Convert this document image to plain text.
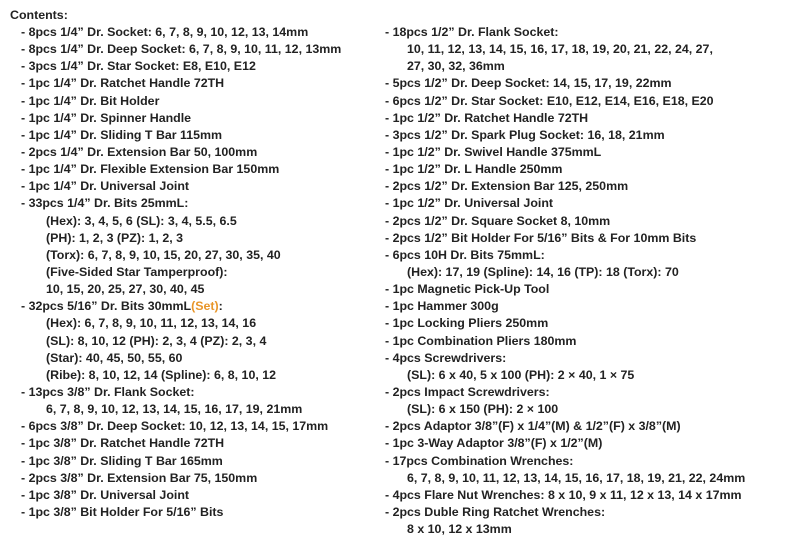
Contents:
- 8pcs 1/4” Dr. Socket: 6, 7, 8, 9, 10, 12, 13, 14mm
- 8pcs 1/4” Dr. Deep Socket: 6, 7, 8, 9, 10, 11, 12, 13mm
- 3pcs 1/4” Dr. Star Socket: E8, E10, E12
- 1pc 1/4” Dr. Ratchet Handle 72TH
- 1pc 1/4” Dr. Bit Holder
- 1pc 1/4” Dr. Spinner Handle
- 1pc 1/4” Dr. Sliding T Bar 115mm
- 2pcs 1/4” Dr. Extension Bar 50, 100mm
- 1pc 1/4” Dr. Flexible Extension Bar 150mm
- 1pc 1/4” Dr. Universal Joint
- 33pcs 1/4” Dr. Bits 25mmL:
(Hex): 3, 4, 5, 6 (SL): 3, 4, 5.5, 6.5
(PH): 1, 2, 3 (PZ): 1, 2, 3
(Torx): 6, 7, 8, 9, 10, 15, 20, 27, 30, 35, 40
(Five-Sided Star Tamperproof):
10, 15, 20, 25, 27, 30, 40, 45
- 32pcs 5/16” Dr. Bits 30mmL(Set):
(Hex): 6, 7, 8, 9, 10, 11, 12, 13, 14, 16
(SL): 8, 10, 12 (PH): 2, 3, 4 (PZ): 2, 3, 4
(Star): 40, 45, 50, 55, 60
(Ribe): 8, 10, 12, 14 (Spline): 6, 8, 10, 12
- 13pcs 3/8” Dr. Flank Socket:
6, 7, 8, 9, 10, 12, 13, 14, 15, 16, 17, 19, 21mm
- 6pcs 3/8” Dr. Deep Socket: 10, 12, 13, 14, 15, 17mm
- 1pc 3/8” Dr. Ratchet Handle 72TH
- 1pc 3/8” Dr. Sliding T Bar 165mm
- 2pcs 3/8” Dr. Extension Bar 75, 150mm
- 1pc 3/8” Dr. Universal Joint
- 1pc 3/8” Bit Holder For 5/16” Bits
- 18pcs 1/2” Dr. Flank Socket:
10, 11, 12, 13, 14, 15, 16, 17, 18, 19, 20, 21, 22, 24, 27,
27, 30, 32, 36mm
- 5pcs 1/2” Dr. Deep Socket: 14, 15, 17, 19, 22mm
- 6pcs 1/2” Dr. Star Socket: E10, E12, E14, E16, E18, E20
- 1pc 1/2” Dr. Ratchet Handle 72TH
- 3pcs 1/2” Dr. Spark Plug Socket: 16, 18, 21mm
- 1pc 1/2” Dr. Swivel Handle 375mmL
- 1pc 1/2” Dr. L Handle 250mm
- 2pcs 1/2” Dr. Extension Bar 125, 250mm
- 1pc 1/2” Dr. Universal Joint
- 2pcs 1/2” Dr. Square Socket 8, 10mm
- 2pcs 1/2” Bit Holder For 5/16” Bits & For 10mm Bits
- 6pcs 10H Dr. Bits 75mmL:
(Hex): 17, 19 (Spline): 14, 16 (TP): 18 (Torx): 70
- 1pc Magnetic Pick-Up Tool
- 1pc Hammer 300g
- 1pc Locking Pliers 250mm
- 1pc Combination Pliers 180mm
- 4pcs Screwdrivers:
(SL): 6 x 40, 5 x 100 (PH): 2 × 40, 1 × 75
- 2pcs Impact Screwdrivers:
(SL): 6 x 150 (PH): 2 × 100
- 2pcs Adaptor 3/8”(F) x 1/4”(M) & 1/2”(F) x 3/8”(M)
- 1pc 3-Way Adaptor 3/8”(F) x 1/2”(M)
- 17pcs Combination Wrenches:
6, 7, 8, 9, 10, 11, 12, 13, 14, 15, 16, 17, 18, 19, 21, 22, 24mm
- 4pcs Flare Nut Wrenches: 8 x 10, 9 x 11, 12 x 13, 14 x 17mm
- 2pcs Duble Ring Ratchet Wrenches:
8 x 10, 12 x 13mm
